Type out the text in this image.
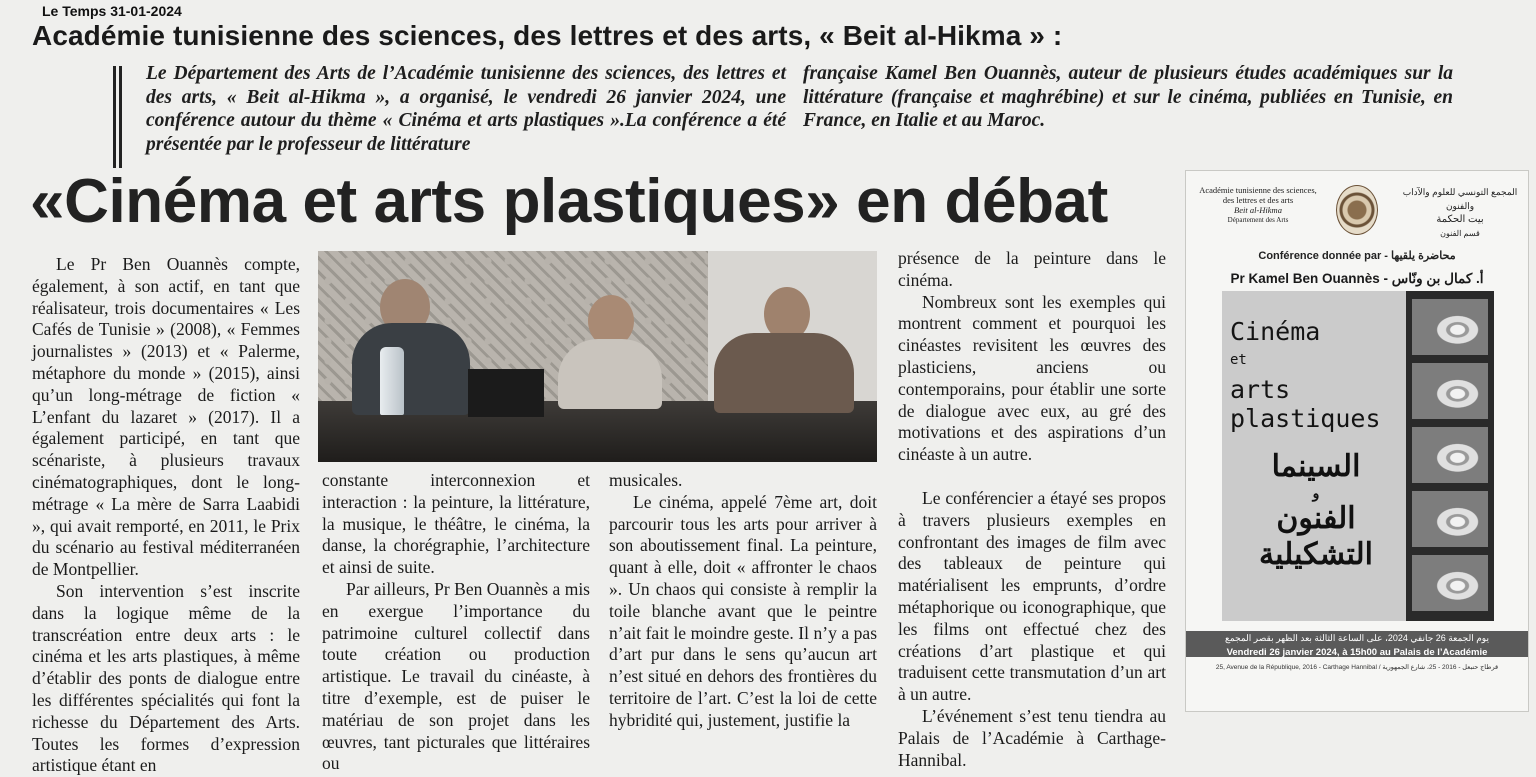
Le Temps 31-01-2024
Académie tunisienne des sciences, des lettres et des arts, « Beit al-Hikma » :
Le Département des Arts de l’Académie tunisienne des sciences, des lettres et des arts, « Beit al-Hikma », a organisé, le vendredi 26 janvier 2024, une conférence autour du thème « Cinéma et arts plastiques ».La conférence a été présentée par le professeur de littérature
française Kamel Ben Ouannès, auteur de plusieurs études académiques sur la littérature (française et maghrébine) et sur le cinéma, publiées en Tunisie, en France, en Italie et au Maroc.
«Cinéma et arts plastiques» en débat

Le Pr Ben Ouannès compte, également, à son actif, en tant que réalisateur, trois documentaires « Les Cafés de Tunisie » (2008), « Femmes journalistes » (2013) et « Palerme, métaphore du monde » (2015), ainsi qu’un long-métrage de fiction « L’enfant du lazaret » (2017). Il a également participé, en tant que scénariste, à plusieurs travaux cinématographiques, dont le long-métrage « La mère de Sarra Laabidi », qui avait remporté, en 2011, le Prix du scénario au festival méditerranéen de Montpellier.

Son intervention s’est inscrite dans la logique même de la transcréation entre deux arts : le cinéma et les arts plastiques, à même d’établir des ponts de dialogue entre les différentes spécialités qui font la richesse du Département des Arts. Toutes les formes d’expression artistique étant en

constante interconnexion et interaction : la peinture, la littérature, la musique, le théâtre, le cinéma, la danse, la chorégraphie, l’architecture et ainsi de suite.

Par ailleurs, Pr Ben Ouannès a mis en exergue l’importance du patrimoine culturel collectif dans toute création ou production artistique. Le travail du cinéaste, à titre d’exemple, est de puiser le matériau de son projet dans les œuvres, tant picturales que littéraires ou

musicales.

Le cinéma, appelé 7ème art, doit parcourir tous les arts pour arriver à son aboutissement final. La peinture, quant à elle, doit « affronter le chaos ». Un chaos qui consiste à remplir la toile blanche avant que le peintre n’ait fait le moindre geste. Il n’y a pas d’art pur dans le sens qu’aucun art n’est situé en dehors des frontières du territoire de l’art. C’est la loi de cette hybridité qui, justement, justifie la

présence de la peinture dans le cinéma.

Nombreux sont les exemples qui montrent comment et pourquoi les cinéastes revisitent les œuvres des plasticiens, anciens ou contemporains, pour établir une sorte de dialogue avec eux, au gré des motivations et des aspirations d’un cinéaste à un autre.

Le conférencier a étayé ses propos à travers plusieurs exemples en confrontant des images de film avec des tableaux de peinture qui matérialisent les emprunts, d’ordre métaphorique ou iconographique, que les films ont effectué chez des créations d’art plastique et qui traduisent cette transmutation d’un art à un autre.

L’événement s’est tenu tiendra au Palais de l’Académie à Carthage-Hannibal.

Académie tunisienne des sciences,
des lettres et des arts
Beit al-Hikma
Département des Arts
المجمع التونسي للعلوم والآداب والفنون
بيت الحكمة
قسم الفنون
Conférence donnée par - محاضرة يلقيها
Pr Kamel Ben Ouannès - أ. كمال بن ونّاس
Cinéma
et
arts
plastiques
السينما
و
الفنون
التشكيلية
يوم الجمعة 26 جانفي 2024، على الساعة الثالثة بعد الظهر بقصر المجمع
Vendredi 26 janvier 2024, à 15h00 au Palais de l’Académie
25, Avenue de la République, 2016 - Carthage Hannibal / قرطاج حنبعل - 2016 - 25، شارع الجمهورية
